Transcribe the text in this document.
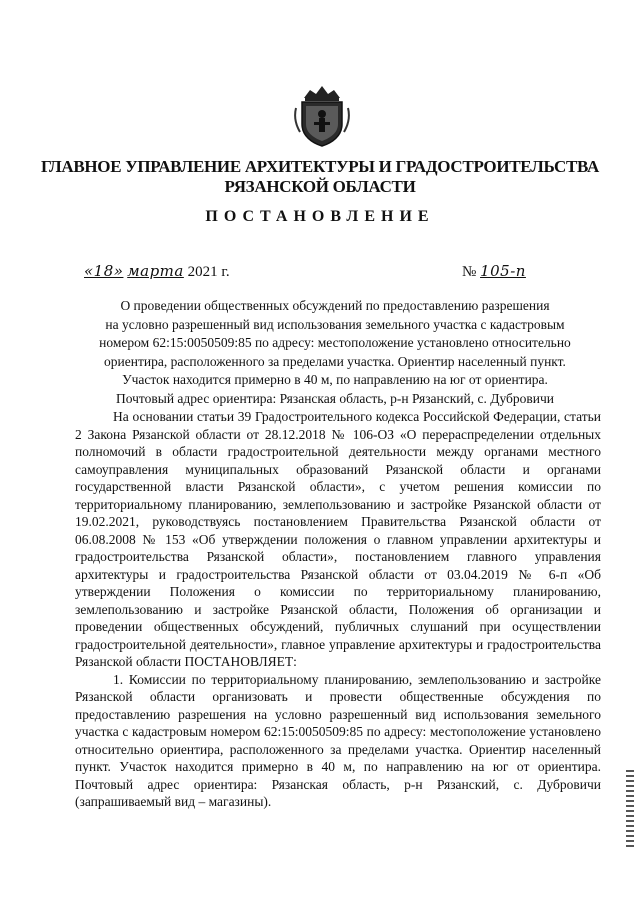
ГЛАВНОЕ УПРАВЛЕНИЕ АРХИТЕКТУРЫ И ГРАДОСТРОИТЕЛЬСТВА
РЯЗАНСКОЙ ОБЛАСТИ
ПОСТАНОВЛЕНИЕ
«18» марта 2021 г.	№ 105-п
О проведении общественных обсуждений по предоставлению разрешения
на условно разрешенный вид использования земельного участка с кадастровым
номером 62:15:0050509:85 по адресу: местоположение установлено относительно
ориентира, расположенного за пределами участка. Ориентир населенный пункт.
Участок находится примерно в 40 м, по направлению на юг от ориентира.
Почтовый адрес ориентира: Рязанская область, р-н Рязанский, с. Дубровичи

На основании статьи 39 Градостроительного кодекса Российской Федерации, статьи 2 Закона Рязанской области от 28.12.2018 № 106-ОЗ «О перераспределении отдельных полномочий в области градостроительной деятельности между органами местного самоуправления муниципальных образований Рязанской области и органами государственной власти Рязанской области», с учетом решения комиссии по территориальному планированию, землепользованию и застройке Рязанской области от 19.02.2021, руководствуясь постановлением Правительства Рязанской области от 06.08.2008 № 153 «Об утверждении положения о главном управлении архитектуры и градостроительства Рязанской области», постановлением главного управления архитектуры и градостроительства Рязанской области от 03.04.2019 № 6-п «Об утверждении Положения о комиссии по территориальному планированию, землепользованию и застройке Рязанской области, Положения об организации и проведении общественных обсуждений, публичных слушаний при осуществлении градостроительной деятельности», главное управление архитектуры и градостроительства Рязанской области ПОСТАНОВЛЯЕТ:

1. Комиссии по территориальному планированию, землепользованию и застройке Рязанской области организовать и провести общественные обсуждения по предоставлению разрешения на условно разрешенный вид использования земельного участка с кадастровым номером 62:15:0050509:85 по адресу: местоположение установлено относительно ориентира, расположенного за пределами участка. Ориентир населенный пункт. Участок находится примерно в 40 м, по направлению на юг от ориентира. Почтовый адрес ориентира: Рязанская область, р-н Рязанский, с. Дубровичи (запрашиваемый вид – магазины).
